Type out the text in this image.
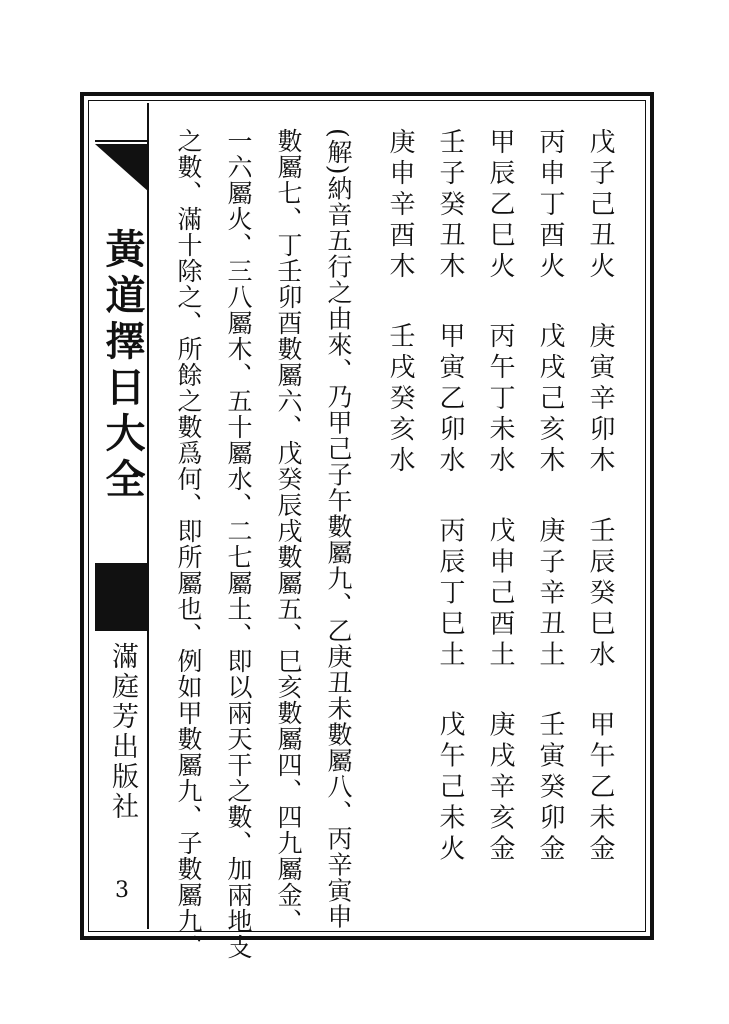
黃道擇日大全
滿庭芳出版社
3
戊子己丑火 庚寅辛卯木 壬辰癸巳水 甲午乙未金
丙申丁酉火 戊戌己亥木 庚子辛丑土 壬寅癸卯金
甲辰乙巳火 丙午丁未水 戊申己酉土 庚戌辛亥金
壬子癸丑木 甲寅乙卯水 丙辰丁巳土 戊午己未火
庚申辛酉木 壬戌癸亥水
(解)納音五行之由來、乃甲己子午數屬九、乙庚丑未數屬八、丙辛寅申
數屬七、丁壬卯酉數屬六、戊癸辰戌數屬五、巳亥數屬四、四九屬金、
一六屬火、三八屬木、五十屬水、二七屬土、即以兩天干之數、加兩地支
之數、滿十除之、所餘之數爲何、即所屬也、例如甲數屬九、子數屬九、
